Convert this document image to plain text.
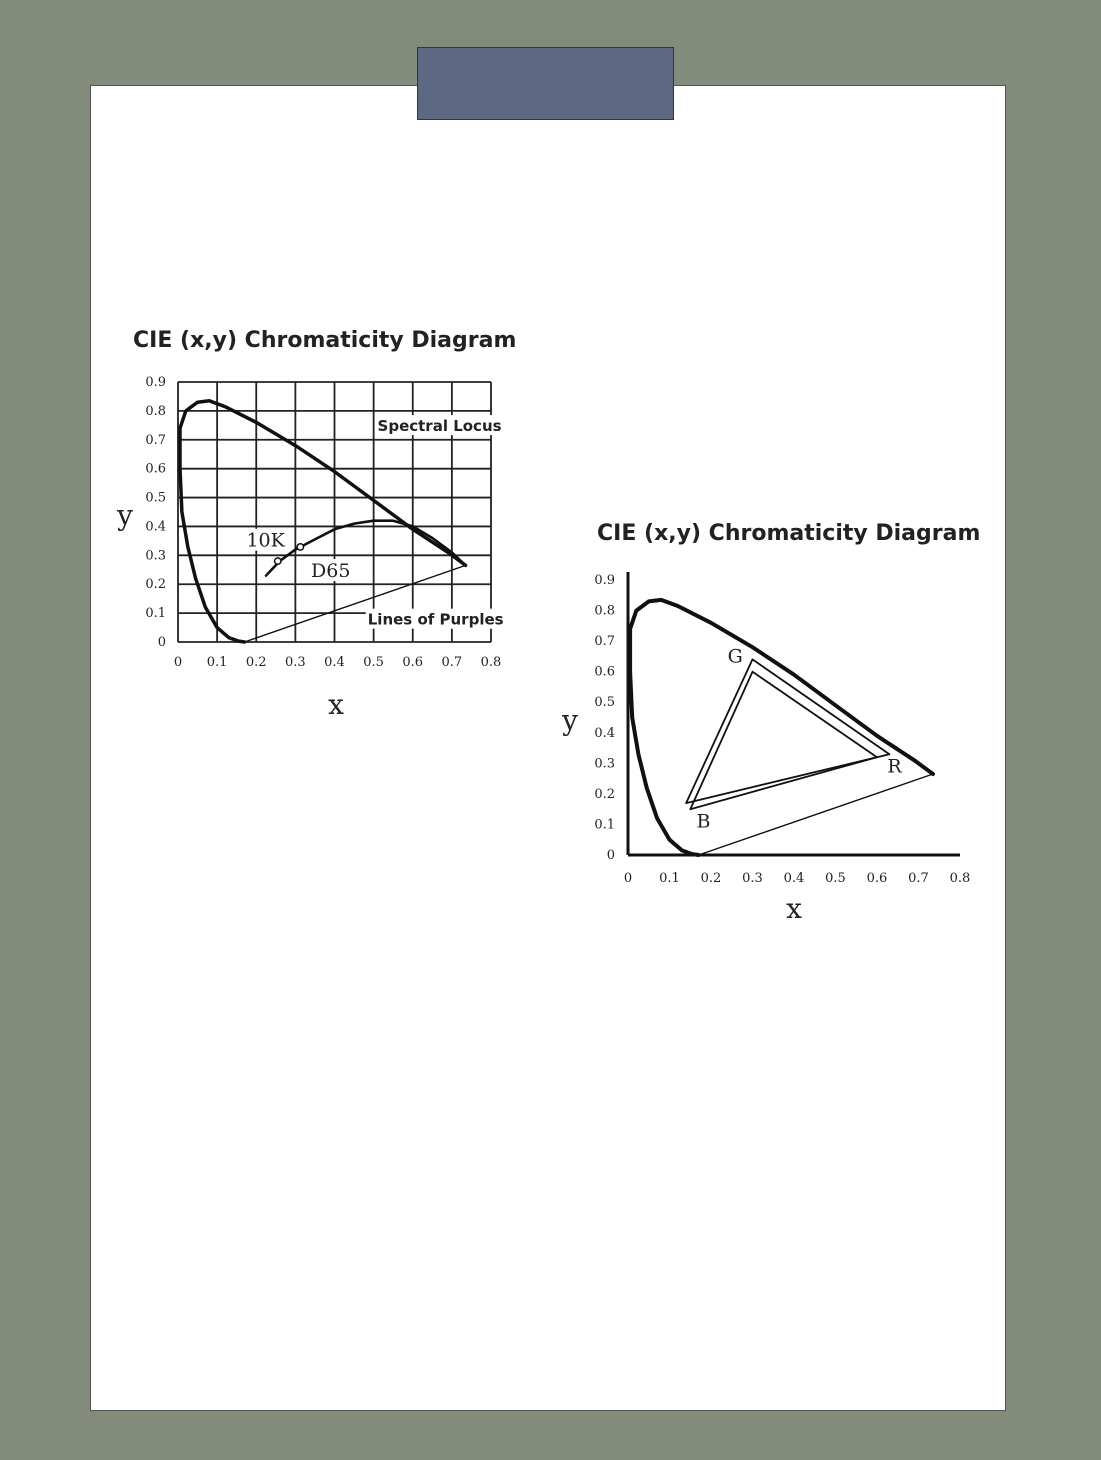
CIE (x,y) Chromaticity Diagram
x
y
0 0.1 0.2 0.3 0.4 0.5 0.6 0.7 0.8
0
0.1
0.2
0.3
0.4
0.5
0.6
0.7
0.8
0.9
Spectral Locus
10K
D65
Lines of Purples
CIE (x,y) Chromaticity Diagram
x
y
0 0.1 0.2 0.3 0.4 0.5 0.6 0.7 0.8
0
0.1
0.2
0.3
0.4
0.5
0.6
0.7
0.8
0.9
G
R
B
